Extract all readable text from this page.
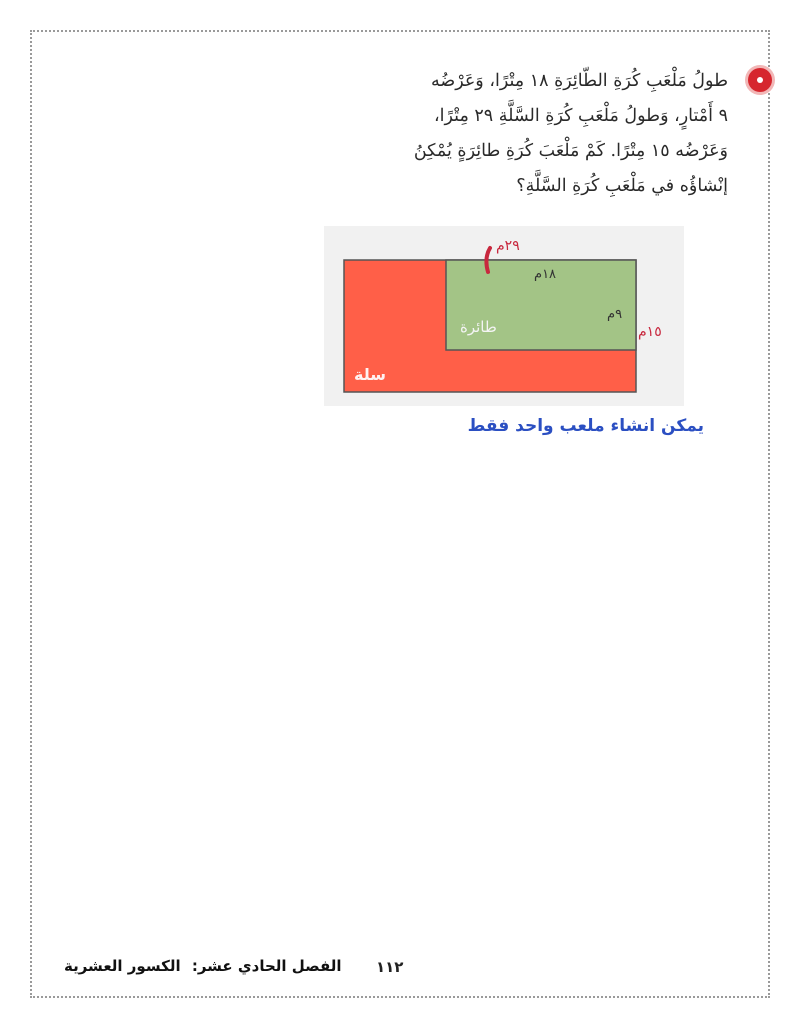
طولُ مَلْعَبِ كُرَةِ الطّائِرَةِ ١٨ مِتْرًا، وَعَرْضُه
٩ أَمْتارٍ، وَطولُ مَلْعَبِ كُرَةِ السَّلَّةِ ٢٩ مِتْرًا،
وَعَرْضُه ١٥ مِتْرًا. كَمْ مَلْعَبَ كُرَةِ طائِرَةٍ يُمْكِنُ
إنْشاؤُه في مَلْعَبِ كُرَةِ السَّلَّةِ؟
٢٩م
١٨م
٩م
١٥م
طائرة
سلة
يمكن انشاء ملعب واحد فقط
الفصل الحادي عشر: الكسور العشرية	١١٢
